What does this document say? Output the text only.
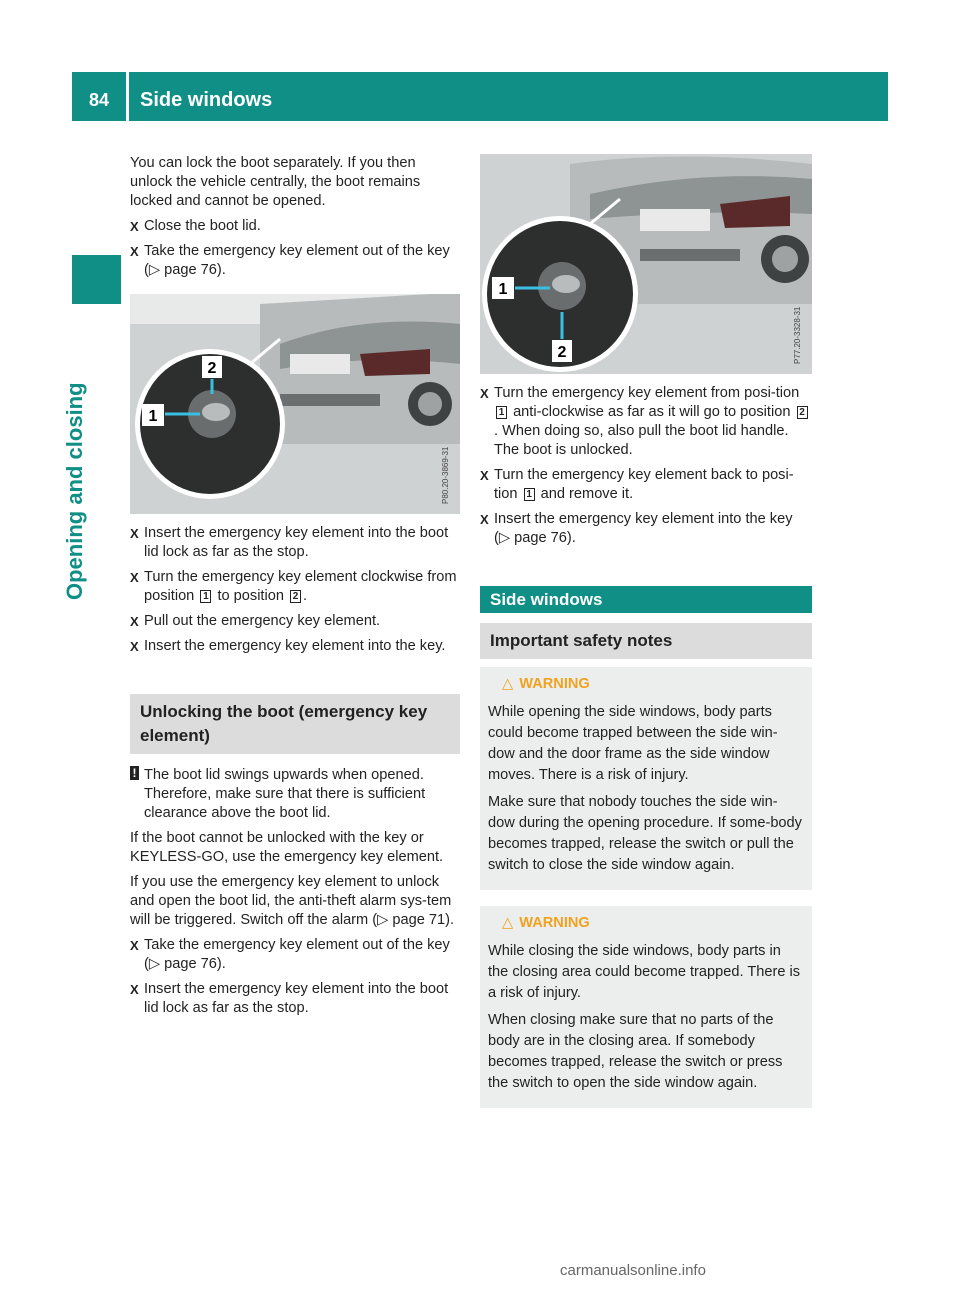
84	Side windows
Opening and closing

You can lock the boot separately. If you then unlock the vehicle centrally, the boot remains locked and cannot be opened.

X Close the boot lid.
X Take the emergency key element out of the key (▷ page 76).
1
2
P80.20-3869-31
X Insert the emergency key element into the boot lid lock as far as the stop.
X Turn the emergency key element clockwise from position 1 to position 2 .
X Pull out the emergency key element.
X Insert the emergency key element into the key.
Unlocking the boot (emergency key element)
! The boot lid swings upwards when opened. Therefore, make sure that there is sufficient clearance above the boot lid.

If the boot cannot be unlocked with the key or KEYLESS-GO, use the emergency key element.

If you use the emergency key element to unlock and open the boot lid, the anti-theft alarm sys-tem will be triggered. Switch off the alarm (▷ page 71).

X Take the emergency key element out of the key (▷ page 76).
X Insert the emergency key element into the boot lid lock as far as the stop.
1
2	P77.20-3328-31
X Turn the emergency key element from posi-tion 1 anti-clockwise as far as it will go to position 2. When doing so, also pull the boot lid handle.
The boot is unlocked.
X Turn the emergency key element back to posi-tion 1 and remove it.
X Insert the emergency key element into the key (▷ page 76).
Side windows
Important safety notes
△ WARNING

While opening the side windows, body parts could become trapped between the side win-dow and the door frame as the side window moves. There is a risk of injury.

Make sure that nobody touches the side win-dow during the opening procedure. If some-body becomes trapped, release the switch or pull the switch to close the side window again.

△ WARNING

While closing the side windows, body parts in the closing area could become trapped. There is a risk of injury.

When closing make sure that no parts of the body are in the closing area. If somebody becomes trapped, release the switch or press the switch to open the side window again.

carmanualsonline.info
